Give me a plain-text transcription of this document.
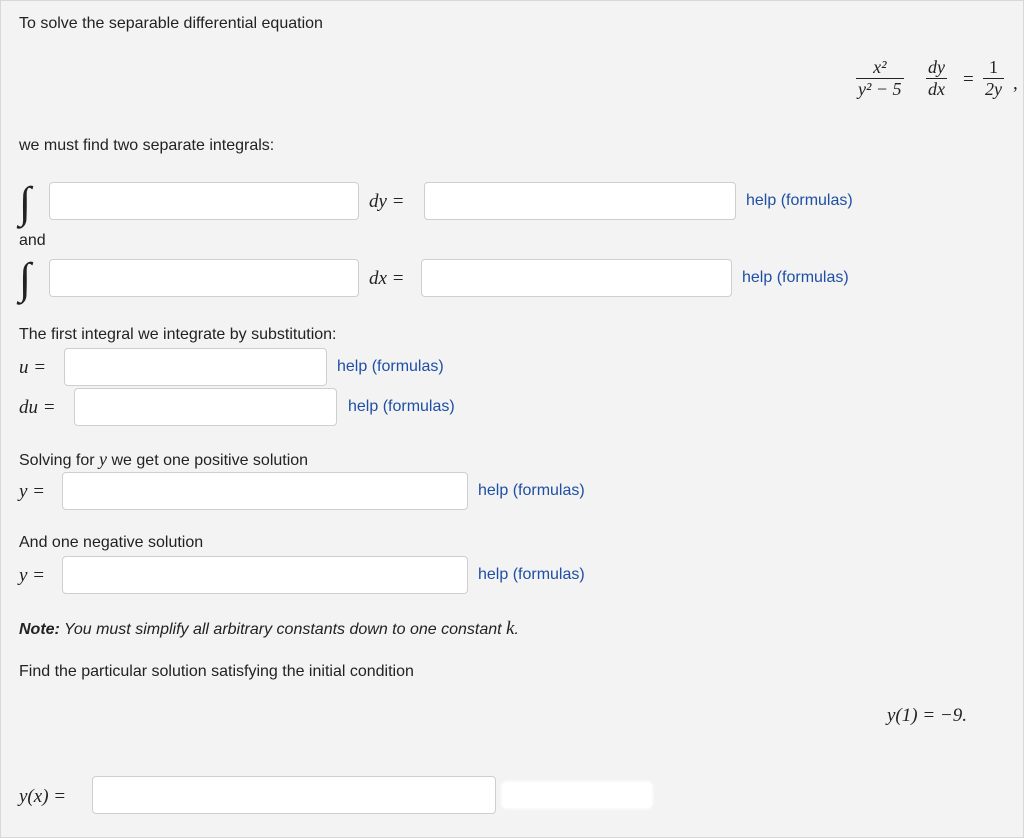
To solve the separable differential equation
$\frac{\text{x²}}{\text{y² − 5}} \frac{dy}{dx} = \frac{1}{2y}$ ,
we must find two separate integrals:
∫	dy =	help (formulas)
and
∫	dx =	help (formulas)
The first integral we integrate by substitution:
u =	help (formulas)
du =	help (formulas)
Solving for y we get one positive solution
y =	help (formulas)
And one negative solution
y =	help (formulas)
Note: You must simplify all arbitrary constants down to one constant k.
Find the particular solution satisfying the initial condition
y(1) = −9.
y(x) =
